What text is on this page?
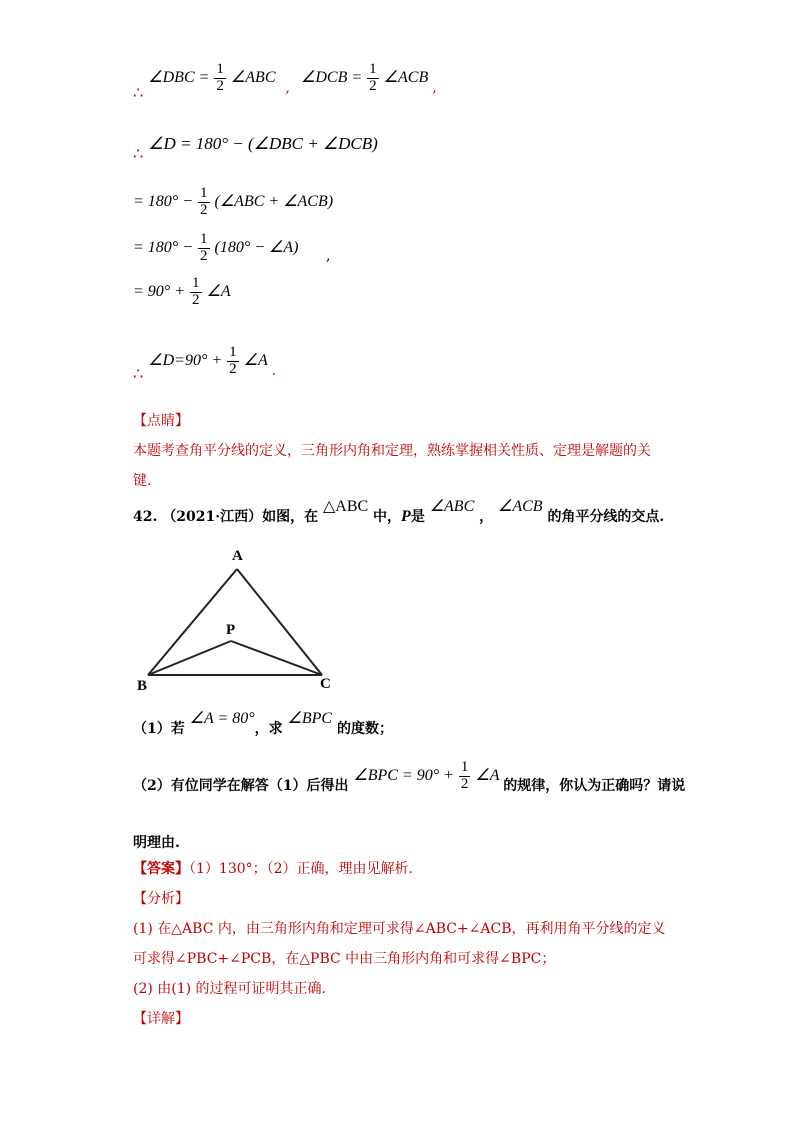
∴ ∠DBC = $\frac{1}{2}$ ∠ABC , ∠DCB = $\frac{1}{2}$ ∠ACB ,
∴ ∠D = 180° − (∠DBC + ∠DCB)
= $180^\circ - \frac{1}{2}$ (∠ABC + ∠ACB)
= $180^\circ - \frac{1}{2} (180^\circ$ − ∠A)
,
= $90^\circ + \frac{1}{2}$ ∠A
∴ ∠D=90° + $\frac{1}{2}$ ∠A .
【点睛】
本题考查角平分线的定义，三角形内角和定理，熟练掌握相关性质、定理是解题的关
键.
42. （2021·江西）如图，在 △ABC 中，P是 ∠ABC ， ∠ACB 的角平分线的交点.
A
P
B	C
（1）若 ∠A = 80°，求 ∠BPC 的度数；
（2）有位同学在解答（1）后得出 ∠BPC = $90^\circ + \frac{1}{2}$ ∠A 的规律，你认为正确吗？请说
明理由.
【答案】（1）130°；（2）正确，理由见解析.
【分析】
(1) 在△ABC 内，由三角形内角和定理可求得∠ABC+∠ACB，再利用角平分线的定义
可求得∠PBC+∠PCB，在△PBC 中由三角形内角和可求得∠BPC；
(2) 由(1) 的过程可证明其正确.
【详解】
